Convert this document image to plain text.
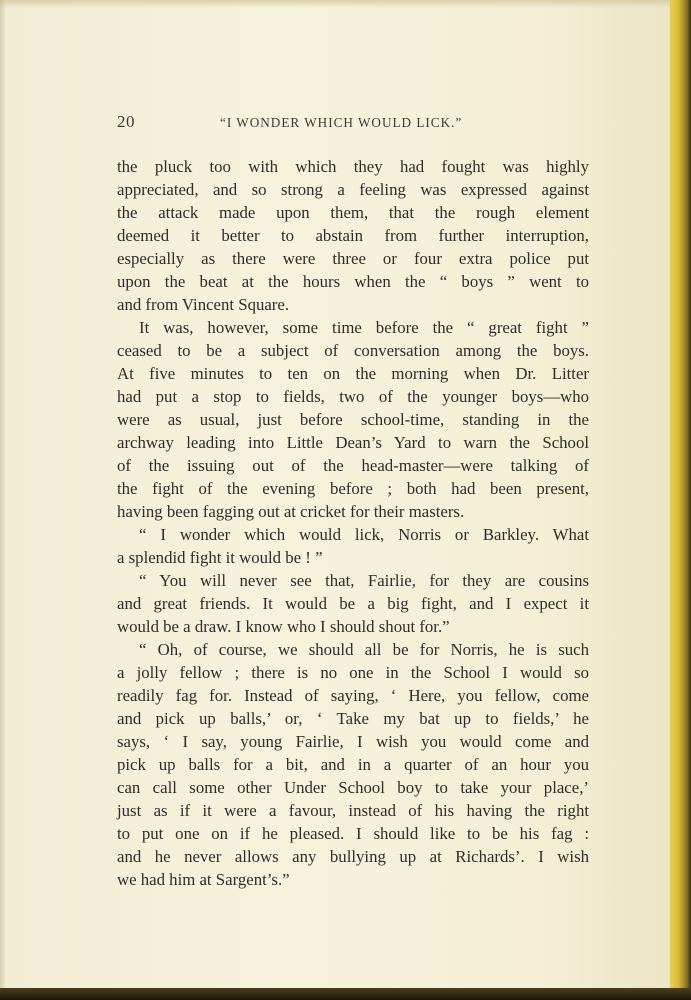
20	“I WONDER WHICH WOULD LICK.”
the pluck too with which they had fought was highly
appreciated, and so strong a feeling was expressed against
the attack made upon them, that the rough element
deemed it better to abstain from further interruption,
especially as there were three or four extra police put
upon the beat at the hours when the “ boys ” went to
and from Vincent Square.
It was, however, some time before the “ great fight ”
ceased to be a subject of conversation among the boys.
At five minutes to ten on the morning when Dr. Litter
had put a stop to fields, two of the younger boys—who
were as usual, just before school-time, standing in the
archway leading into Little Dean’s Yard to warn the School
of the issuing out of the head-master—were talking of
the fight of the evening before ; both had been present,
having been fagging out at cricket for their masters.
“ I wonder which would lick, Norris or Barkley. What
a splendid fight it would be ! ”
“ You will never see that, Fairlie, for they are cousins
and great friends. It would be a big fight, and I expect it
would be a draw. I know who I should shout for.”
“ Oh, of course, we should all be for Norris, he is such
a jolly fellow ; there is no one in the School I would so
readily fag for. Instead of saying, ‘ Here, you fellow, come
and pick up balls,’ or, ‘ Take my bat up to fields,’ he
says, ‘ I say, young Fairlie, I wish you would come and
pick up balls for a bit, and in a quarter of an hour you
can call some other Under School boy to take your place,’
just as if it were a favour, instead of his having the right
to put one on if he pleased. I should like to be his fag :
and he never allows any bullying up at Richards’. I wish
we had him at Sargent’s.”
